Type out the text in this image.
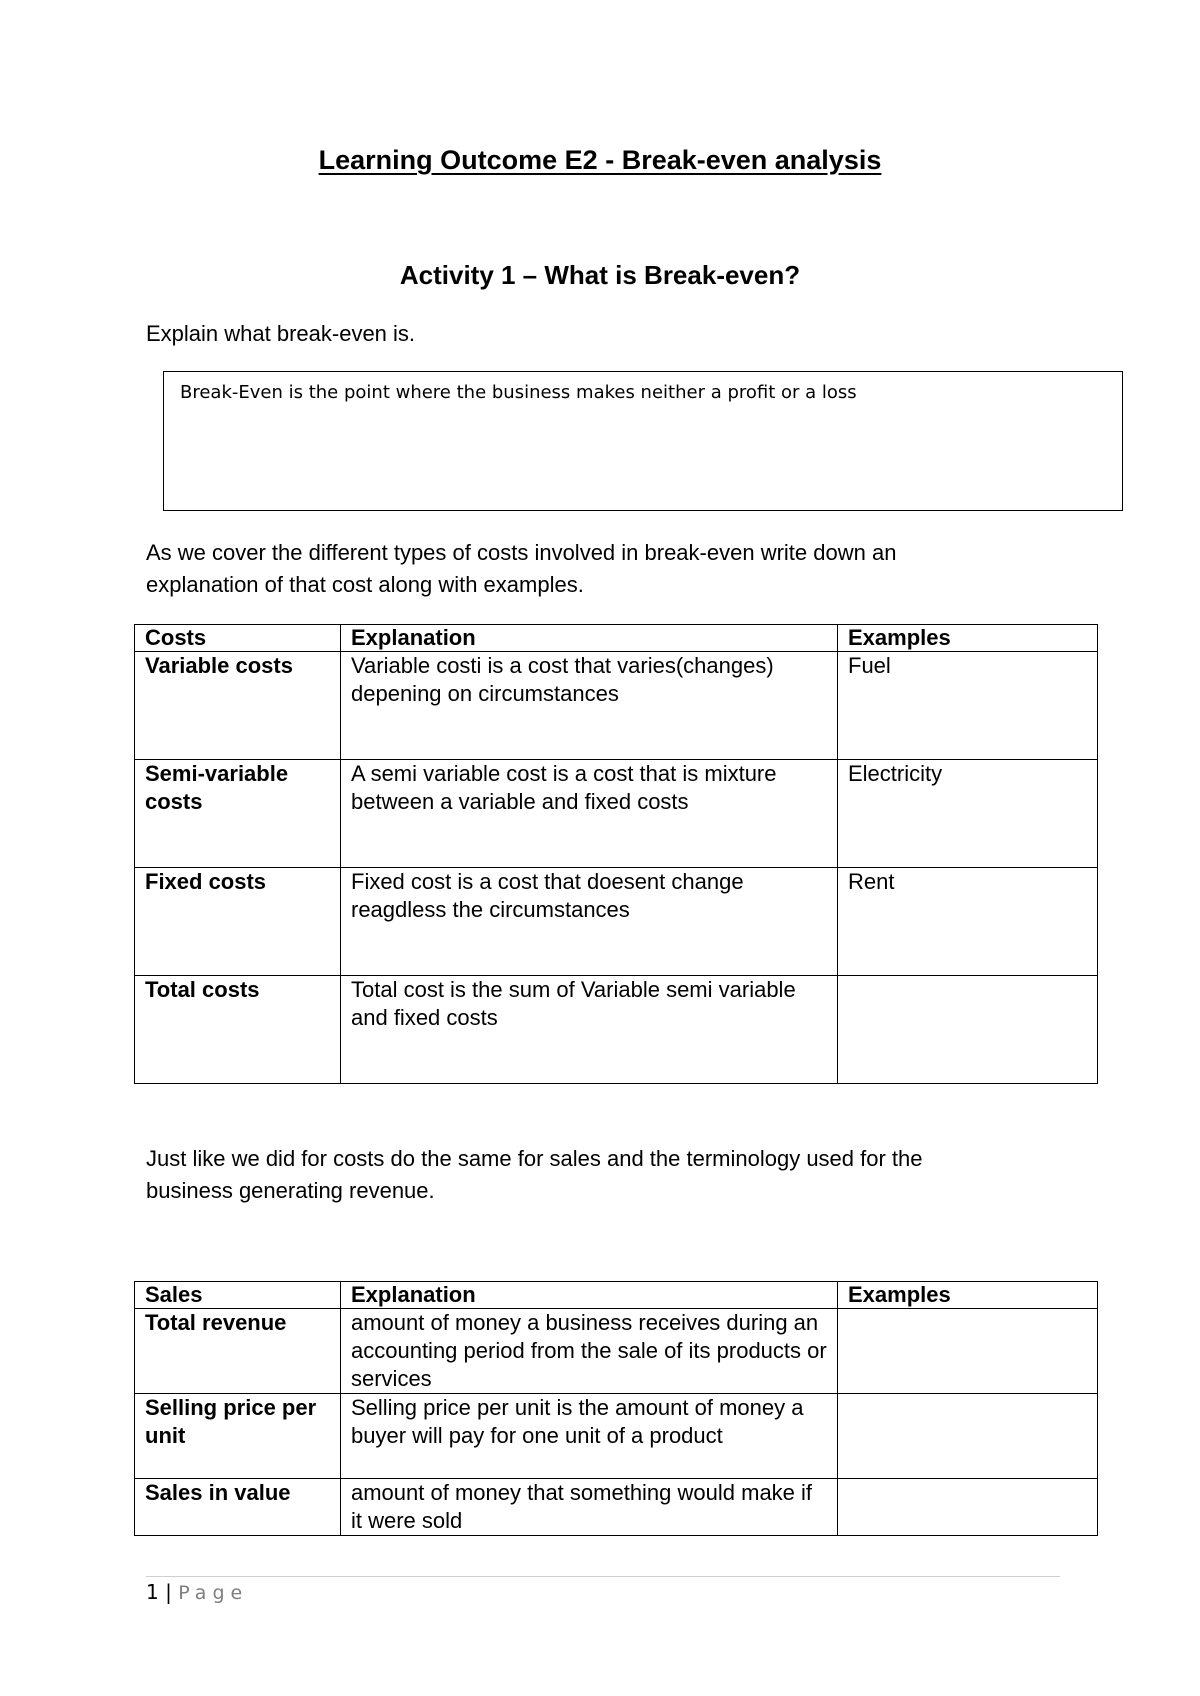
Learning Outcome E2 - Break-even analysis
Activity 1 – What is Break-even?
Explain what break-even is.
Break-Even is the point where the business makes neither a profit or a loss
As we cover the different types of costs involved in break-even write down an
explanation of that cost along with examples.
Costs	Explanation	Examples
Variable costs	Variable costi is a cost that varies(changes) depening on circumstances	Fuel
Semi-variable costs	A semi variable cost is a cost that is mixture between a variable and fixed costs	Electricity
Fixed costs	Fixed cost is a cost that doesent change reagdless the circumstances	Rent
Total costs	Total cost is the sum of Variable semi variable and fixed costs	
Just like we did for costs do the same for sales and the terminology used for the
business generating revenue.
Sales	Explanation	Examples
Total revenue	amount of money a business receives during an accounting period from the sale of its products or services	
Selling price per unit	Selling price per unit is the amount of money a buyer will pay for one unit of a product	
Sales in value	amount of money that something would make if it were sold	
1 | Page
